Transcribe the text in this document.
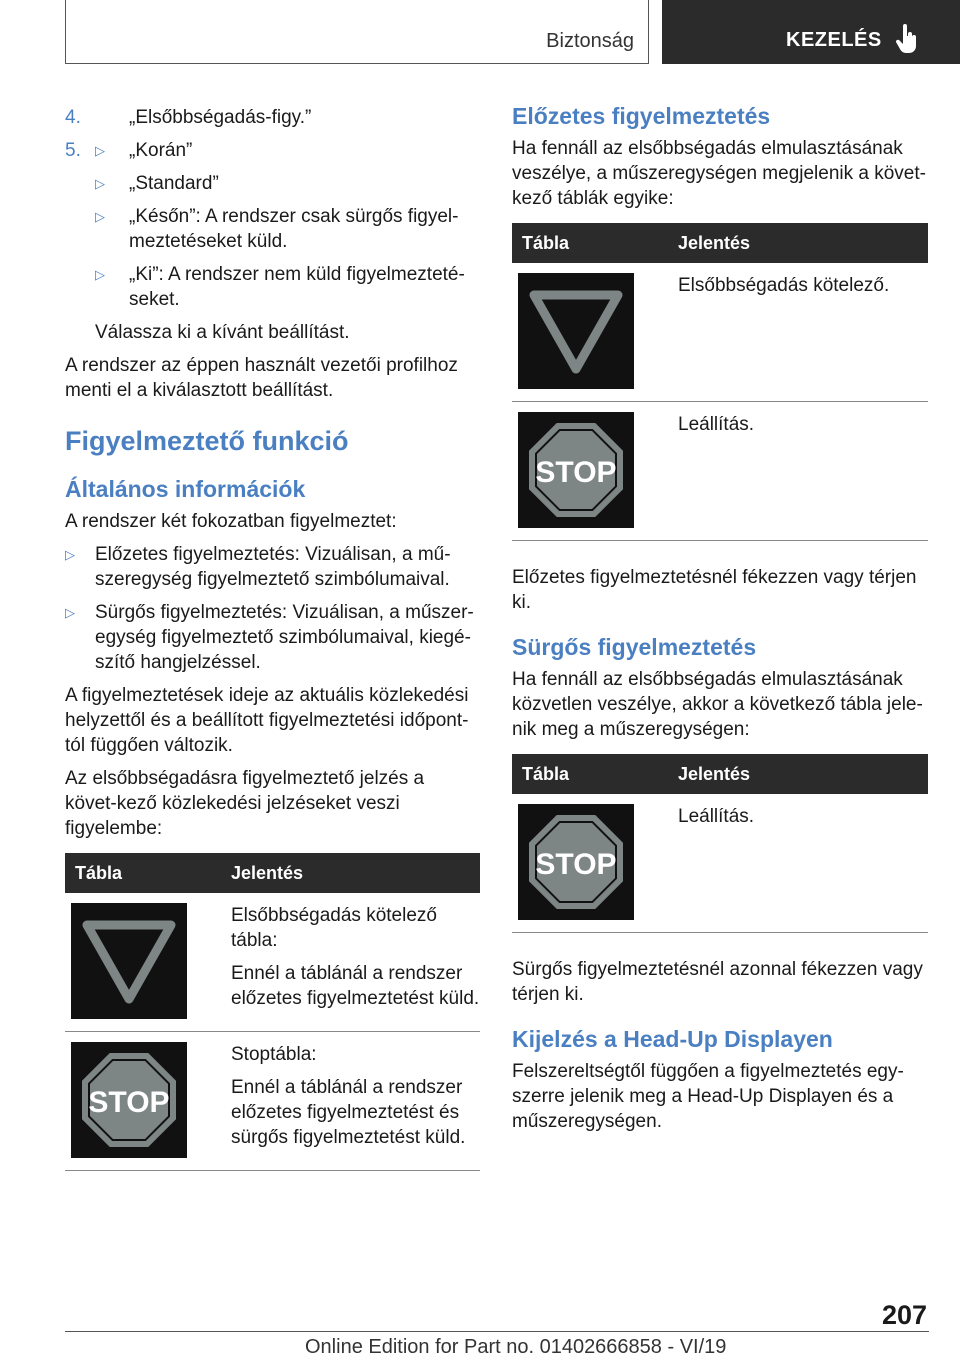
Biztonság	KEZELÉS
4.	„Elsőbbségadás-figy.”
5. ▷ „Korán”
▷ „Standard”
▷ „Későn”: A rendszer csak sürgős figyel-meztetéseket küld.
▷ „Ki”: A rendszer nem küld figyelmezteté-seket.

Válassza ki a kívánt beállítást.

A rendszer az éppen használt vezetői profilhoz menti el a kiválasztott beállítást.

Figyelmeztető funkció
Általános információk

A rendszer két fokozatban figyelmeztet:

▷ Előzetes figyelmeztetés: Vizuálisan, a mű-szeregység figyelmeztető szimbólumaival.
▷ Sürgős figyelmeztetés: Vizuálisan, a műszer-egység figyelmeztető szimbólumaival, kiegé-szítő hangjelzéssel.

A figyelmeztetések ideje az aktuális közlekedési helyzettől és a beállított figyelmeztetési időpont-tól függően változik.

Az elsőbbségadásra figyelmeztető jelzés a követ-kező közlekedési jelzéseket veszi figyelembe:

Tábla	Jelentés

Elsőbbségadás kötelező tábla:

Ennél a táblánál a rendszer előzetes figyelmeztetést küld.

STOP	Stoptábla:

Ennél a táblánál a rendszer előzetes figyelmeztetést és sürgős figyelmeztetést küld.

Előzetes figyelmeztetés

Ha fennáll az elsőbbségadás elmulasztásának veszélye, a műszeregységen megjelenik a követ-kező táblák egyike:

Tábla	Jelentés

	Elsőbbségadás kötelező.

STOP	Leállítás.

Előzetes figyelmeztetésnél fékezzen vagy térjen ki.

Sürgős figyelmeztetés

Ha fennáll az elsőbbségadás elmulasztásának közvetlen veszélye, akkor a következő tábla jele-nik meg a műszeregységen:

Tábla	Jelentés

STOP	Leállítás.

Sürgős figyelmeztetésnél azonnal fékezzen vagy térjen ki.

Kijelzés a Head-Up Displayen

Felszereltségtől függően a figyelmeztetés egy-szerre jelenik meg a Head-Up Displayen és a műszeregységen.

207
Online Edition for Part no. 01402666858 - VI/19
